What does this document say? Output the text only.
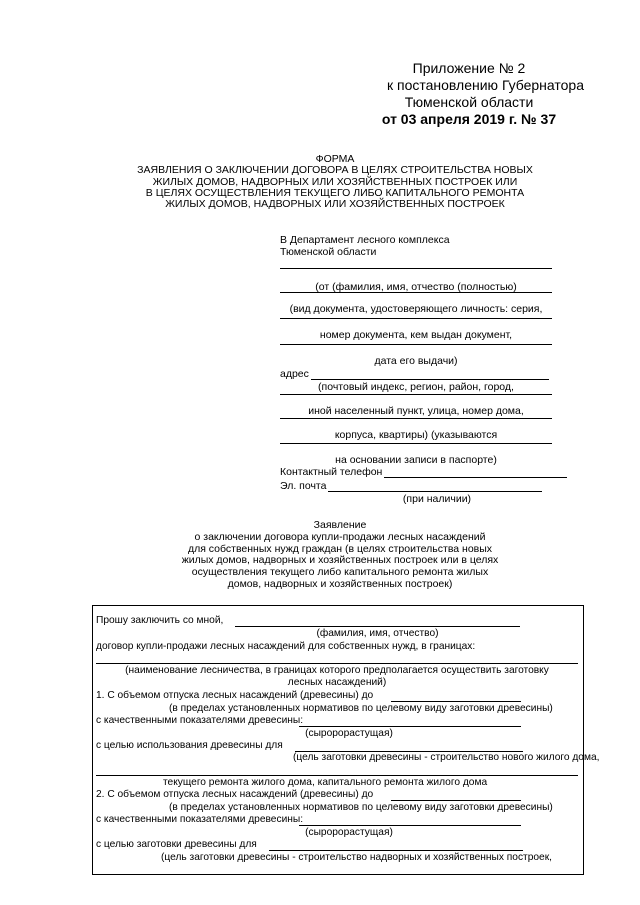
Приложение № 2
к постановлению Губернатора
Тюменской области
от 03 апреля 2019 г. № 37
ФОРМА
ЗАЯВЛЕНИЯ О ЗАКЛЮЧЕНИИ ДОГОВОРА В ЦЕЛЯХ СТРОИТЕЛЬСТВА НОВЫХ
ЖИЛЫХ ДОМОВ, НАДВОРНЫХ ИЛИ ХОЗЯЙСТВЕННЫХ ПОСТРОЕК ИЛИ
В ЦЕЛЯХ ОСУЩЕСТВЛЕНИЯ ТЕКУЩЕГО ЛИБО КАПИТАЛЬНОГО РЕМОНТА
ЖИЛЫХ ДОМОВ, НАДВОРНЫХ ИЛИ ХОЗЯЙСТВЕННЫХ ПОСТРОЕК
В Департамент лесного комплекса
Тюменской области
(от (фамилия, имя, отчество (полностью)
(вид документа, удостоверяющего личность: серия,
номер документа, кем выдан документ,
дата его выдачи)
адрес
(почтовый индекс, регион, район, город,
иной населенный пункт, улица, номер дома,
корпуса, квартиры) (указываются
на основании записи в паспорте)
Контактный телефон
Эл. почта
(при наличии)
Заявление
о заключении договора купли-продажи лесных насаждений
для собственных нужд граждан (в целях строительства новых
жилых домов, надворных и хозяйственных построек или в целях
осуществления текущего либо капитального ремонта жилых
домов, надворных и хозяйственных построек)
Прошу заключить со мной,
(фамилия, имя, отчество)
договор купли-продажи лесных насаждений для собственных нужд, в границах:
(наименование лесничества, в границах которого предполагается осуществить заготовку
лесных насаждений)
1. С объемом отпуска лесных насаждений (древесины) до
(в пределах установленных нормативов по целевому виду заготовки древесины)
с качественными показателями древесины:
(сыророрастущая)
с целью использования древесины для
(цель заготовки древесины - строительство нового жилого дома,
текущего ремонта жилого дома, капитального ремонта жилого дома
2. С объемом отпуска лесных насаждений (древесины) до
(в пределах установленных нормативов по целевому виду заготовки древесины)
с качественными показателями древесины:
(сыророрастущая)
с целью заготовки древесины для
(цель заготовки древесины - строительство надворных и хозяйственных построек,
